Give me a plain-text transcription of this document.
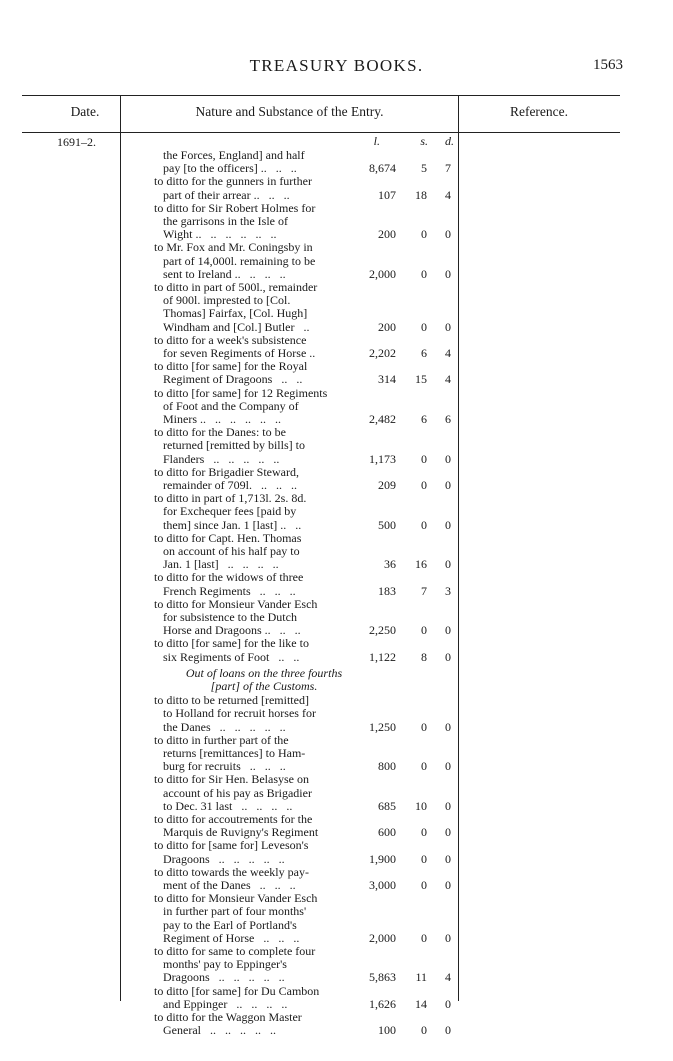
TREASURY BOOKS.	1563
Date.	Nature and Substance of the Entry.	Reference.
1691–2.	l.	s. d.
the Forces, England] and half
pay [to the officers] ..   ..   ..	8,674	5	7
to ditto for the gunners in further
part of their arrear ..   ..   ..	107	18	4
to ditto for Sir Robert Holmes for
the garrisons in the Isle of
Wight ..   ..   ..   ..   ..   ..	200	0	0
to Mr. Fox and Mr. Coningsby in
part of 14,000l. remaining to be
sent to Ireland ..   ..   ..   ..	2,000	0	0
to ditto in part of 500l., remainder
of 900l. imprested to [Col.
Thomas] Fairfax, [Col. Hugh]
Windham and [Col.] Butler   ..	200	0	0
to ditto for a week's subsistence
for seven Regiments of Horse ..	2,202	6	4
to ditto [for same] for the Royal
Regiment of Dragoons   ..   ..	314	15	4
to ditto [for same] for 12 Regiments
of Foot and the Company of
Miners ..   ..   ..   ..   ..   ..	2,482	6	6
to ditto for the Danes: to be
returned [remitted by bills] to
Flanders   ..   ..   ..   ..   ..	1,173	0	0
to ditto for Brigadier Steward,
remainder of 709l.   ..   ..   ..	209	0	0
to ditto in part of 1,713l. 2s. 8d.
for Exchequer fees [paid by
them] since Jan. 1 [last] ..   ..	500	0	0
to ditto for Capt. Hen. Thomas
on account of his half pay to
Jan. 1 [last]   ..   ..   ..   ..	36	16	0
to ditto for the widows of three
French Regiments   ..   ..   ..	183	7	3
to ditto for Monsieur Vander Esch
for subsistence to the Dutch
Horse and Dragoons ..   ..   ..	2,250	0	0
to ditto [for same] for the like to
six Regiments of Foot   ..   ..	1,122	8	0
Out of loans on the three fourths
[part] of the Customs.
to ditto to be returned [remitted]
to Holland for recruit horses for
the Danes   ..   ..   ..   ..   ..	1,250	0	0
to ditto in further part of the
returns [remittances] to Ham-
burg for recruits   ..   ..   ..	800	0	0
to ditto for Sir Hen. Belasyse on
account of his pay as Brigadier
to Dec. 31 last   ..   ..   ..   ..	685	10	0
to ditto for accoutrements for the
Marquis de Ruvigny's Regiment	600	0	0
to ditto for [same for] Leveson's
Dragoons   ..   ..   ..   ..   ..	1,900	0	0
to ditto towards the weekly pay-
ment of the Danes   ..   ..   ..	3,000	0	0
to ditto for Monsieur Vander Esch
in further part of four months'
pay to the Earl of Portland's
Regiment of Horse   ..   ..   ..	2,000	0	0
to ditto for same to complete four
months' pay to Eppinger's
Dragoons   ..   ..   ..   ..   ..	5,863	11	4
to ditto [for same] for Du Cambon
and Eppinger   ..   ..   ..   ..	1,626	14	0
to ditto for the Waggon Master
General   ..   ..   ..   ..   ..	100	0	0
